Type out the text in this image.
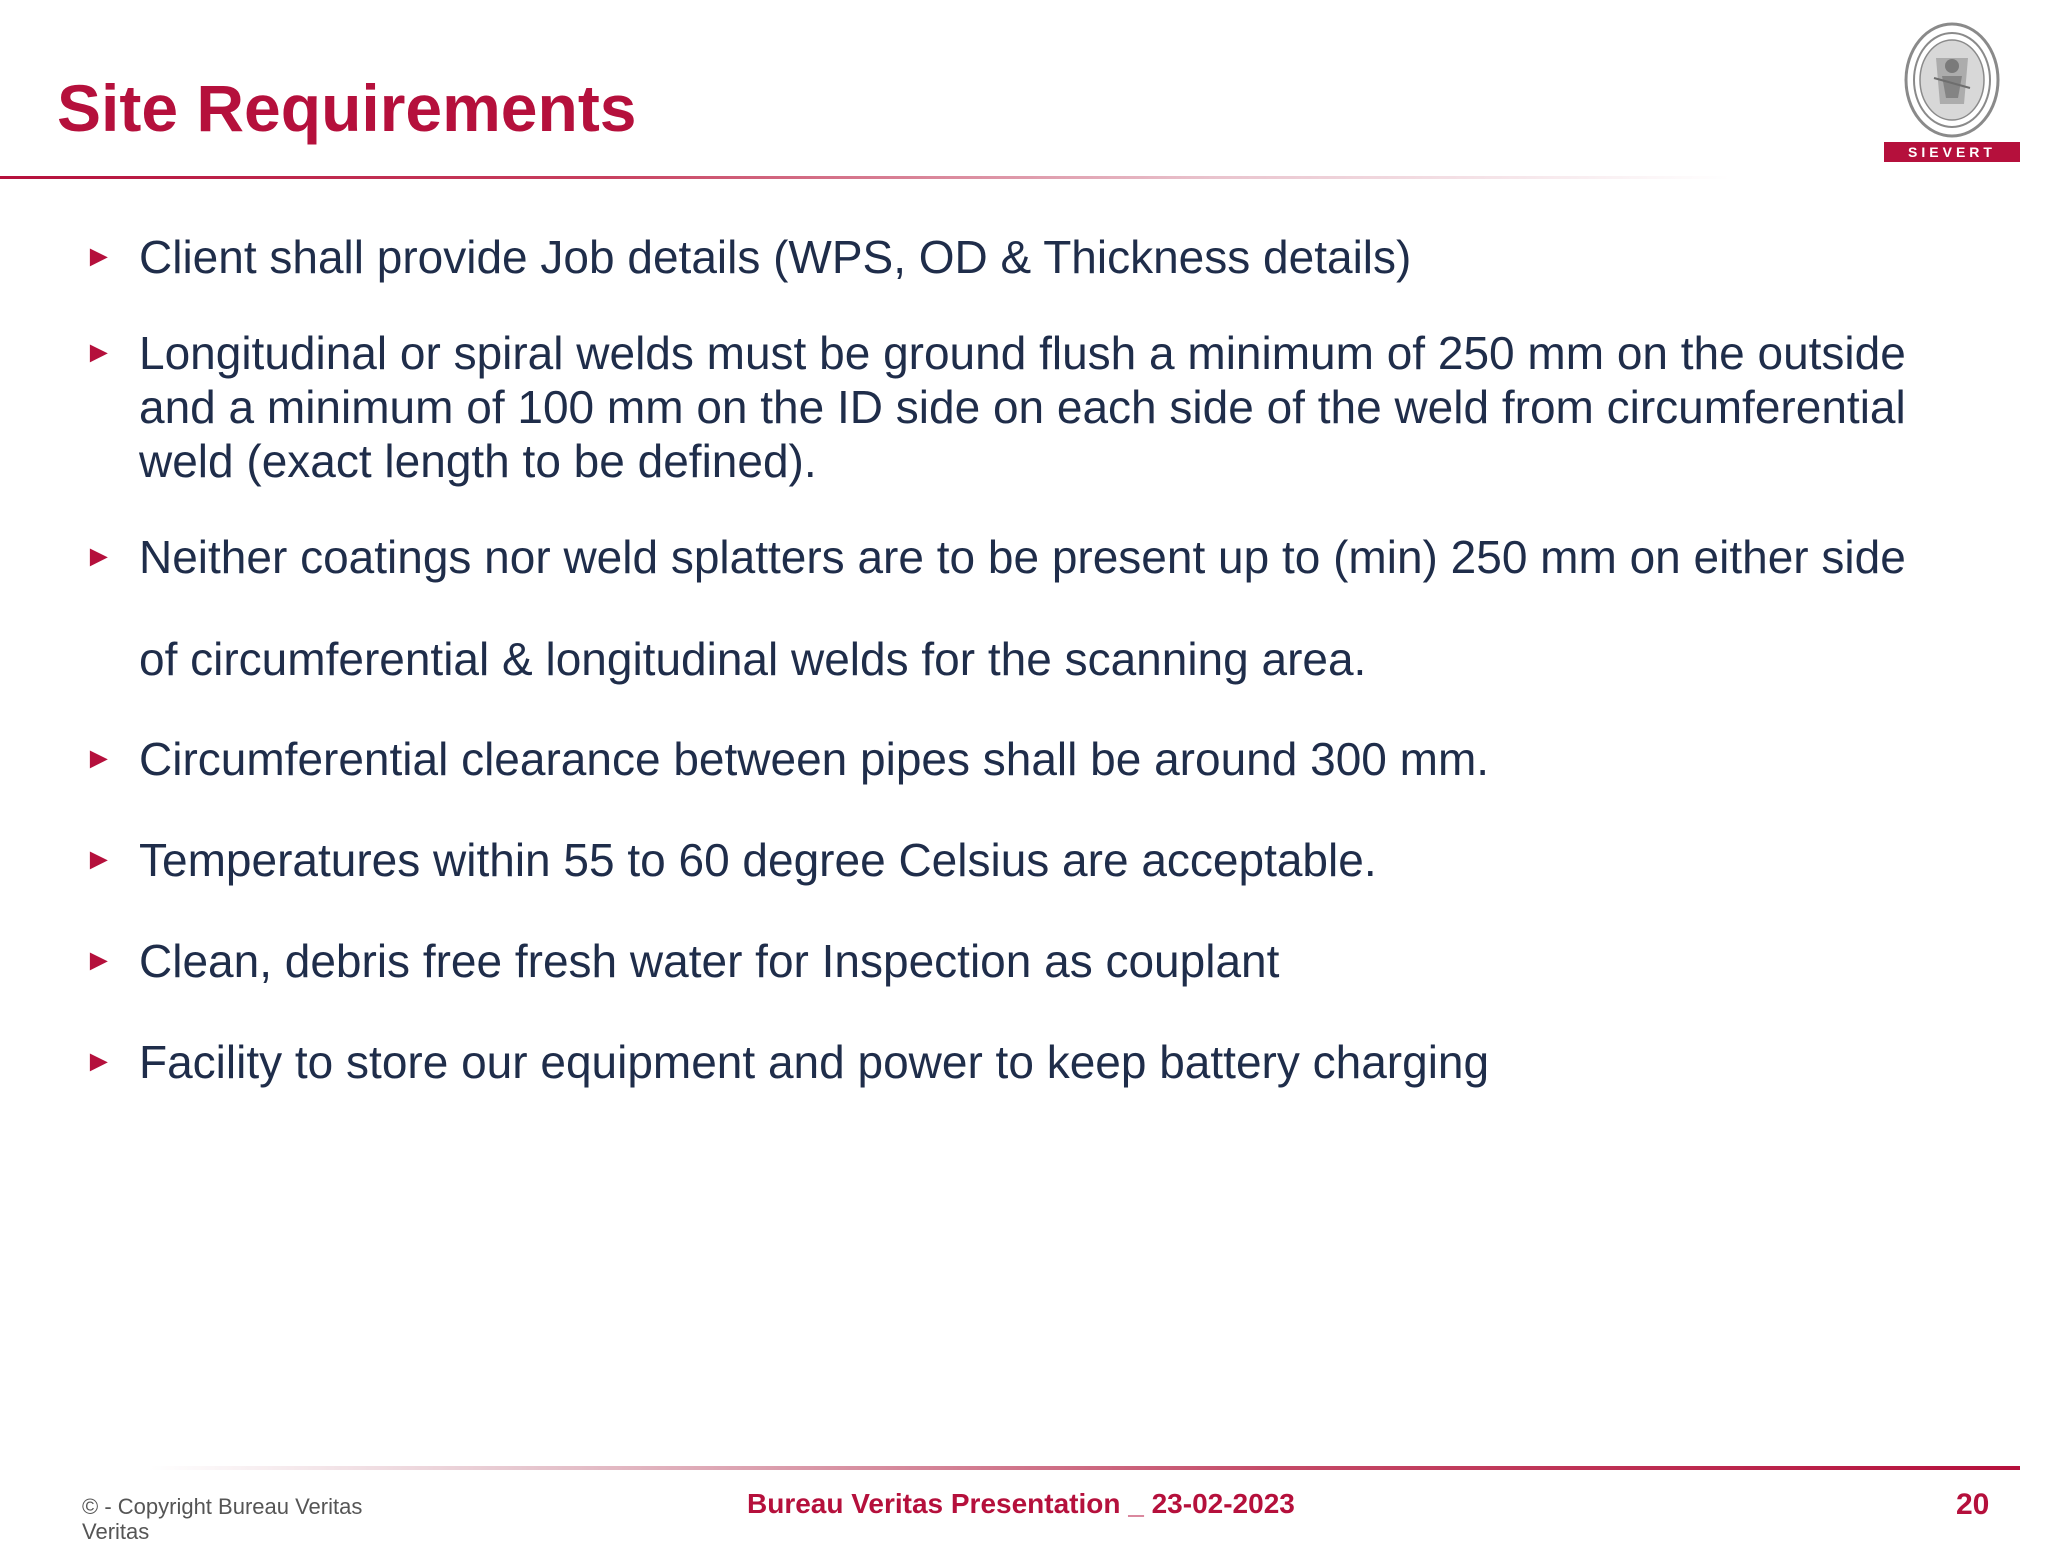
Site Requirements
SIEVERT
► Client shall provide Job details (WPS, OD & Thickness details)
► Longitudinal or spiral welds must be ground flush a minimum of 250 mm on the outside and a minimum of 100 mm on the ID side on each side of the weld from circumferential weld (exact length to be defined).
► Neither coatings nor weld splatters are to be present up to (min) 250 mm on either side of circumferential & longitudinal welds for the scanning area.
► Circumferential clearance between pipes shall be around 300 mm.
► Temperatures within 55 to 60 degree Celsius are acceptable.
► Clean, debris free fresh water for Inspection as couplant
► Facility to store our equipment and power to keep battery charging
© - Copyright Bureau Veritas
Veritas
Bureau Veritas Presentation _ 23-02-2023	20
